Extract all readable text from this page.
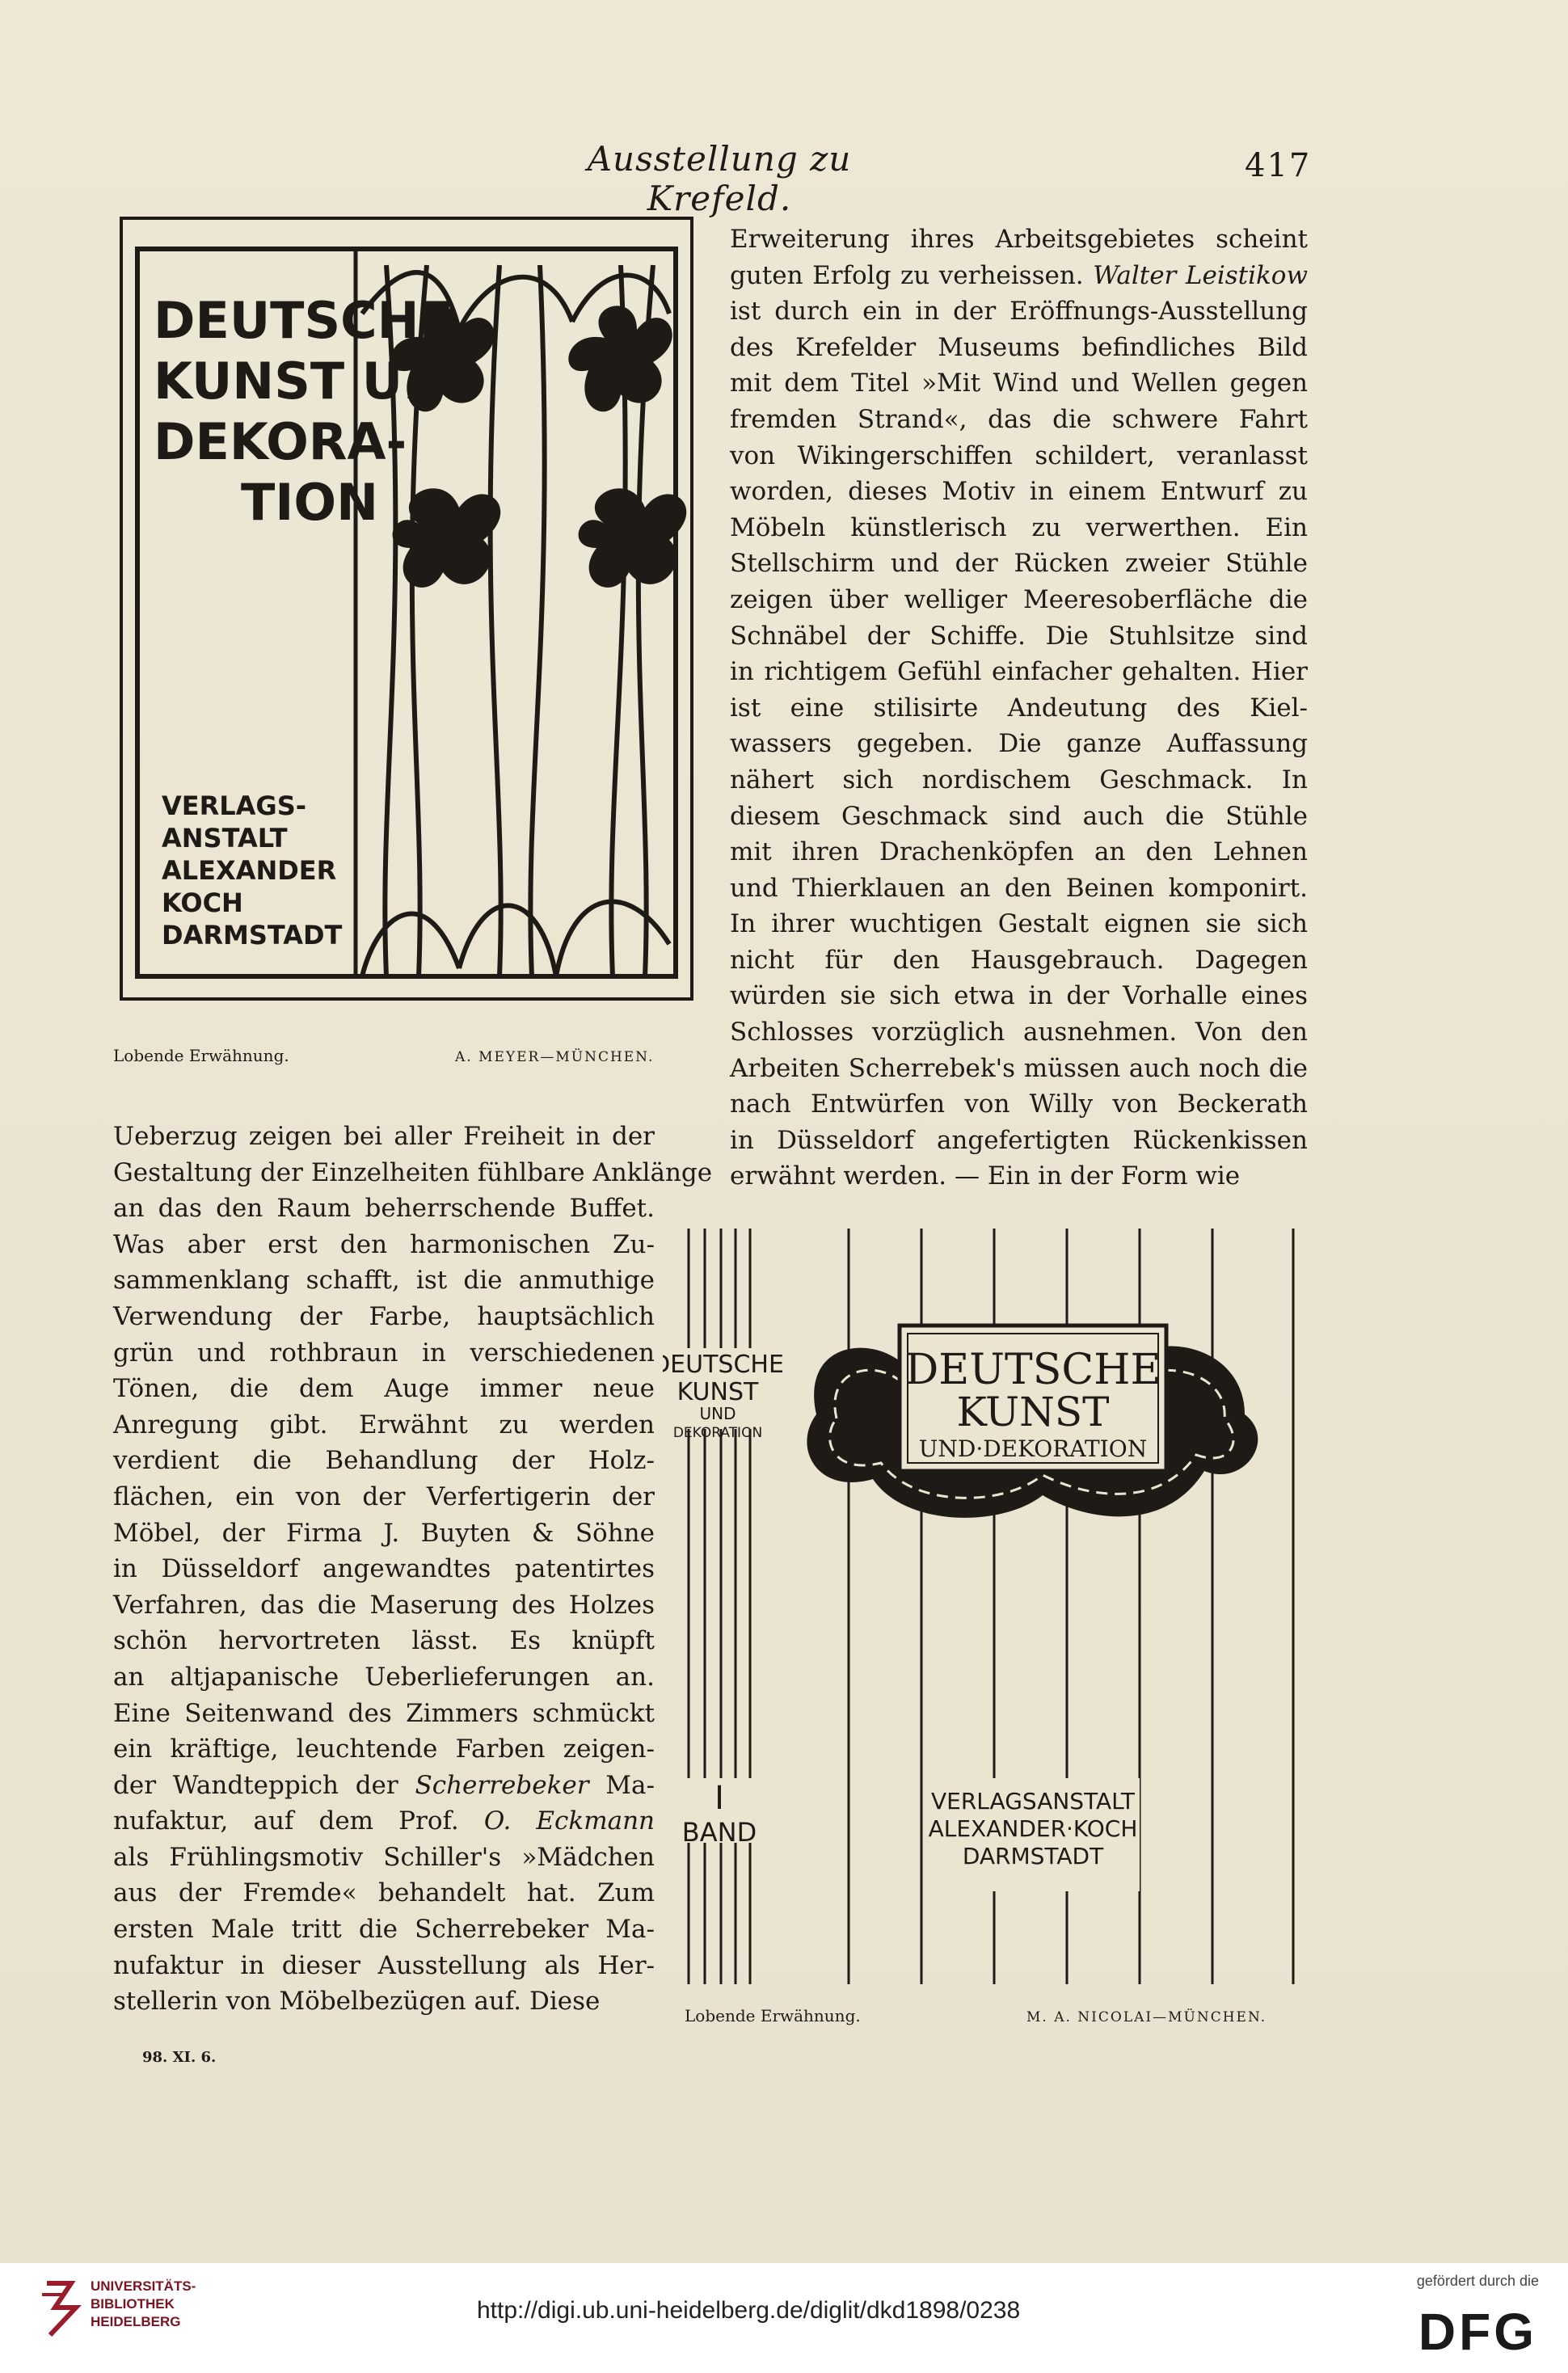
Ausstellung zu Krefeld.
417
DEUTSCHE
KUNST U.
DEKORA-
TION
VERLAGS-
ANSTALT
ALEXANDER
KOCH
DARMSTADT
Lobende Erwähnung.	A. MEYER—MÜNCHEN.
Erweiterung ihres Arbeitsgebietes scheint
guten Erfolg zu verheissen. Walter Leistikow
ist durch ein in der Eröffnungs-Ausstellung
des Krefelder Museums befindliches Bild
mit dem Titel »Mit Wind und Wellen gegen
fremden Strand«, das die schwere Fahrt
von Wikingerschiffen schildert, veranlasst
worden, dieses Motiv in einem Entwurf zu
Möbeln künstlerisch zu verwerthen. Ein
Stellschirm und der Rücken zweier Stühle
zeigen über welliger Meeresoberfläche die
Schnäbel der Schiffe. Die Stuhlsitze sind
in richtigem Gefühl einfacher gehalten. Hier
ist eine stilisirte Andeutung des Kiel-
wassers gegeben. Die ganze Auffassung
nähert sich nordischem Geschmack. In
diesem Geschmack sind auch die Stühle
mit ihren Drachenköpfen an den Lehnen
und Thierklauen an den Beinen komponirt.
In ihrer wuchtigen Gestalt eignen sie sich
nicht für den Hausgebrauch. Dagegen
würden sie sich etwa in der Vorhalle eines
Schlosses vorzüglich ausnehmen. Von den
Arbeiten Scherrebek's müssen auch noch die
nach Entwürfen von Willy von Beckerath
in Düsseldorf angefertigten Rückenkissen
erwähnt werden. — Ein in der Form wie
Ueberzug zeigen bei aller Freiheit in der
Gestaltung der Einzelheiten fühlbare Anklänge
an das den Raum beherrschende Buffet.
Was aber erst den harmonischen Zu-
sammenklang schafft, ist die anmuthige
Verwendung der Farbe, hauptsächlich
grün und rothbraun in verschiedenen
Tönen, die dem Auge immer neue
Anregung gibt. Erwähnt zu werden
verdient die Behandlung der Holz-
flächen, ein von der Verfertigerin der
Möbel, der Firma J. Buyten & Söhne
in Düsseldorf angewandtes patentirtes
Verfahren, das die Maserung des Holzes
schön hervortreten lässt. Es knüpft
an altjapanische Ueberlieferungen an.
Eine Seitenwand des Zimmers schmückt
ein kräftige, leuchtende Farben zeigen-
der Wandteppich der Scherrebeker Ma-
nufaktur, auf dem Prof. O. Eckmann
als Frühlingsmotiv Schiller's »Mädchen
aus der Fremde« behandelt hat. Zum
ersten Male tritt die Scherrebeker Ma-
nufaktur in dieser Ausstellung als Her-
stellerin von Möbelbezügen auf. Diese
DEUTSCHE
KUNST
UND
DEKORATION
I
BAND
DEUTSCHE
KUNST
UND·DEKORATION
VERLAGSANSTALT
ALEXANDER·KOCH
DARMSTADT
Lobende Erwähnung.	M. A. NICOLAI—MÜNCHEN.
98. XI. 6.
UNIVERSITÄTS-
BIBLIOTHEK
HEIDELBERG	http://digi.ub.uni-heidelberg.de/diglit/dkd1898/0238
gefördert durch die
DFG
